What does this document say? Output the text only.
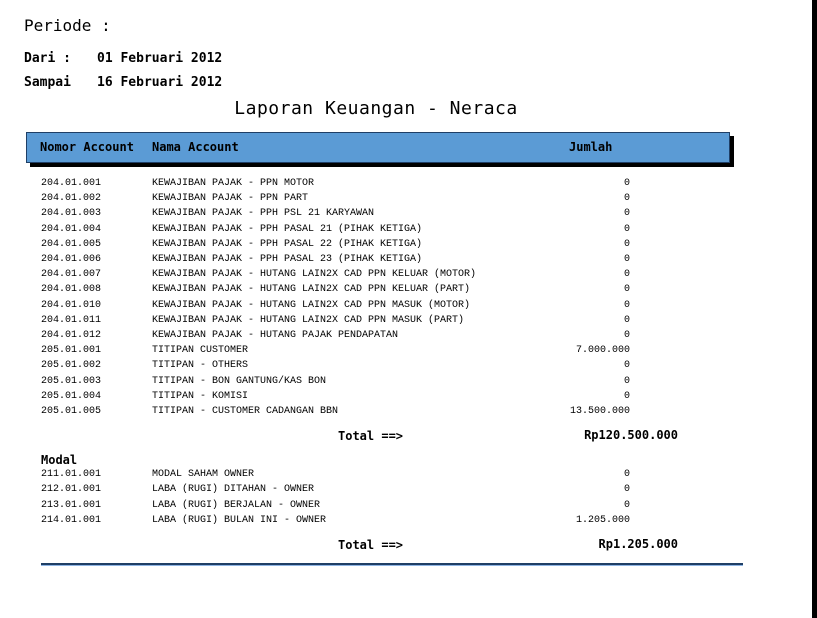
Periode :
Dari : 01 Februari 2012
Sampai 16 Februari 2012
Laporan Keuangan - Neraca
Nomor Account Nama Account	Jumlah
204.01.001	KEWAJIBAN PAJAK - PPN MOTOR	0
204.01.002	KEWAJIBAN PAJAK - PPN PART	0
204.01.003	KEWAJIBAN PAJAK - PPH PSL 21 KARYAWAN	0
204.01.004	KEWAJIBAN PAJAK - PPH PASAL 21 (PIHAK KETIGA)	0
204.01.005	KEWAJIBAN PAJAK - PPH PASAL 22 (PIHAK KETIGA)	0
204.01.006	KEWAJIBAN PAJAK - PPH PASAL 23 (PIHAK KETIGA)	0
204.01.007	KEWAJIBAN PAJAK - HUTANG LAIN2X CAD PPN KELUAR (MOTOR)	0
204.01.008	KEWAJIBAN PAJAK - HUTANG LAIN2X CAD PPN KELUAR (PART)	0
204.01.010	KEWAJIBAN PAJAK - HUTANG LAIN2X CAD PPN MASUK (MOTOR)	0
204.01.011	KEWAJIBAN PAJAK - HUTANG LAIN2X CAD PPN MASUK (PART)	0
204.01.012	KEWAJIBAN PAJAK - HUTANG PAJAK PENDAPATAN	0
205.01.001	TITIPAN CUSTOMER	7.000.000
205.01.002	TITIPAN - OTHERS	0
205.01.003	TITIPAN - BON GANTUNG/KAS BON	0
205.01.004	TITIPAN - KOMISI	0
205.01.005	TITIPAN - CUSTOMER CADANGAN BBN	13.500.000
Total ==>	Rp120.500.000
Modal
211.01.001	MODAL SAHAM OWNER	0
212.01.001	LABA (RUGI) DITAHAN - OWNER	0
213.01.001	LABA (RUGI) BERJALAN - OWNER	0
214.01.001	LABA (RUGI) BULAN INI - OWNER	1.205.000
Total ==>	Rp1.205.000
